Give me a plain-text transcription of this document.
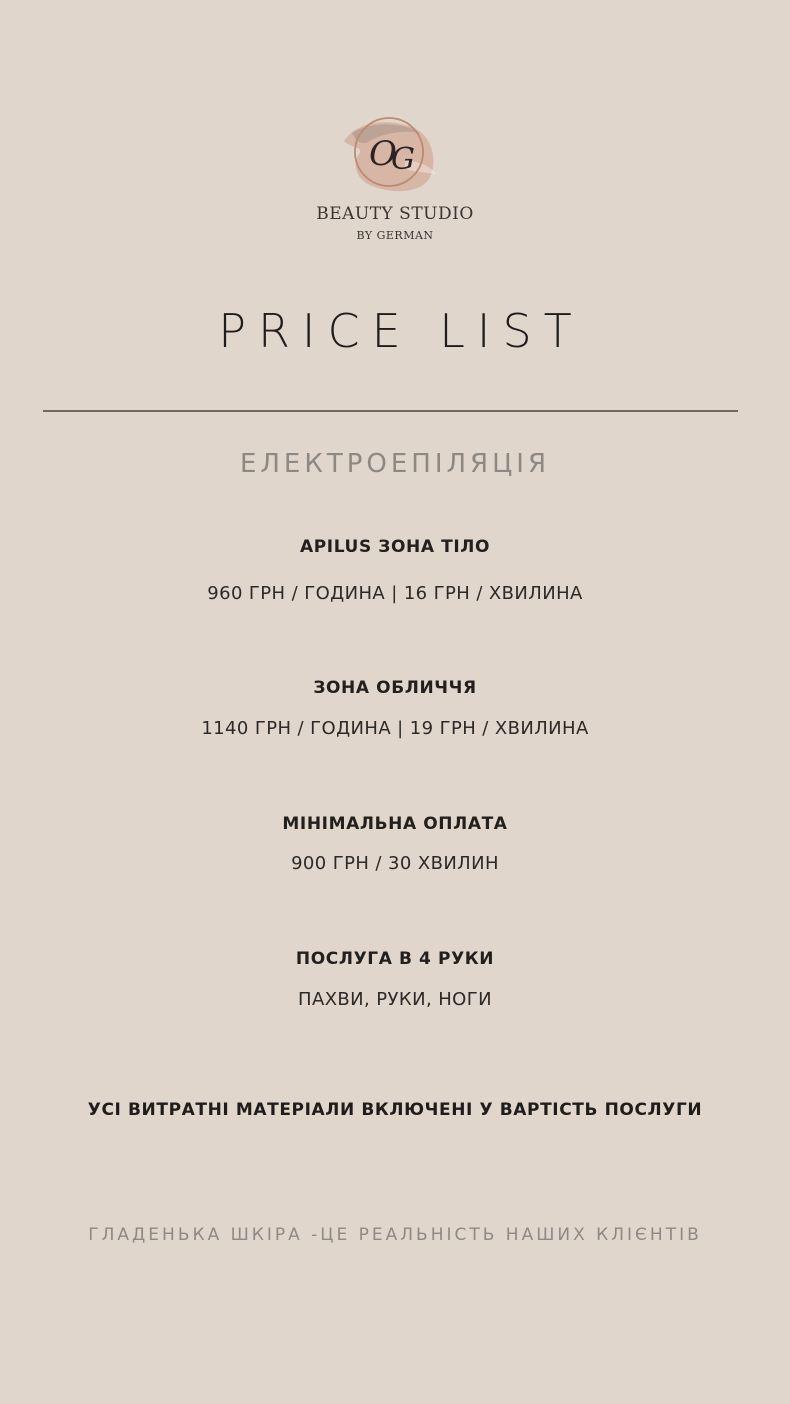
O
G
BEAUTY STUDIO
BY GERMAN
PRICE LIST
ЕЛЕКТРОЕПІЛЯЦІЯ
APILUS ЗОНА ТІЛО
960 ГРН / ГОДИНА | 16 ГРН / ХВИЛИНА
ЗОНА ОБЛИЧЧЯ
1140 ГРН / ГОДИНА | 19 ГРН / ХВИЛИНА
МІНІМАЛЬНА ОПЛАТА
900 ГРН / 30 ХВИЛИН
ПОСЛУГА В 4 РУКИ
ПАХВИ, РУКИ, НОГИ
УСІ ВИТРАТНІ МАТЕРІАЛИ ВКЛЮЧЕНІ У ВАРТІСТЬ ПОСЛУГИ
ГЛАДЕНЬКА ШКІРА -ЦЕ РЕАЛЬНІСТЬ НАШИХ КЛІЄНТІВ
